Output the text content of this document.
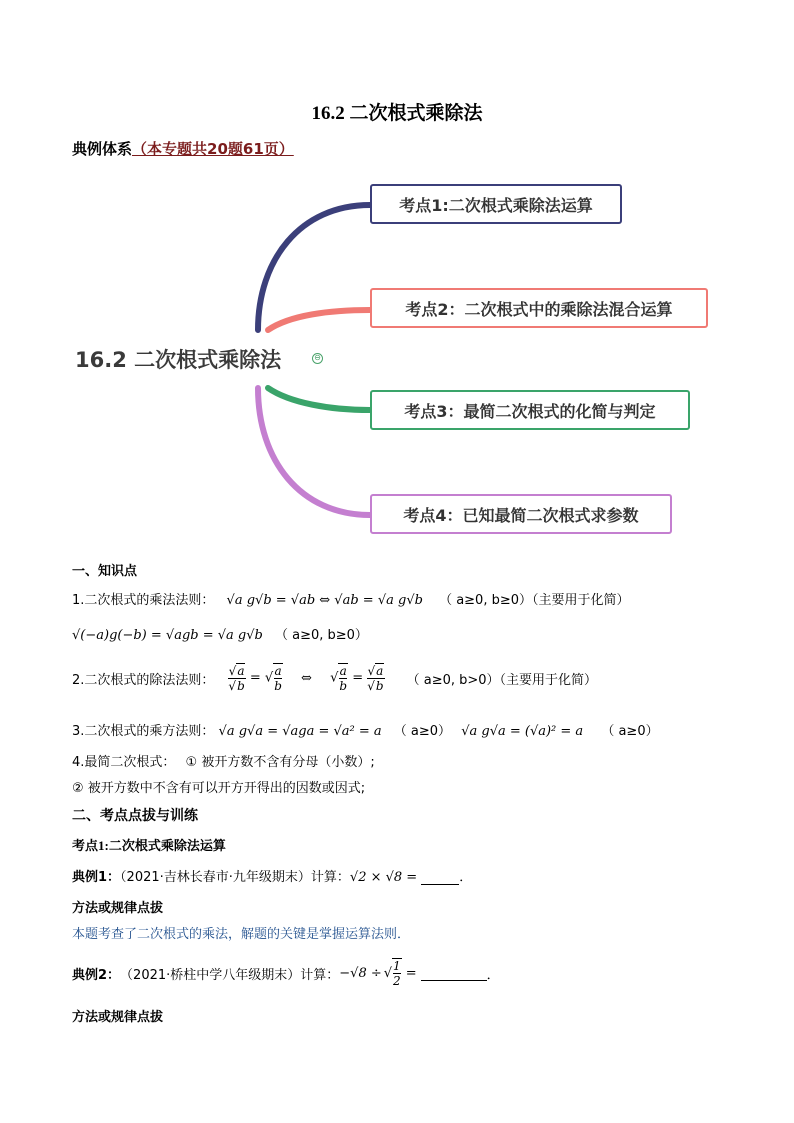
16.2 二次根式乘除法
典例体系（本专题共20题61页）
考点1:二次根式乘除法运算
考点2：二次根式中的乘除法混合运算
考点3：最简二次根式的化简与判定
考点4：已知最简二次根式求参数
16.2 二次根式乘除法	⊖
一、知识点
1.二次根式的乘法法则： √a g√b = √ab ⇔ √ab = √a g√b （ a≥0, b≥0）（主要用于化简）
√(−a)g(−b) = √agb = √a g√b （ a≥0, b≥0）
2.二次根式的除法法则： $\frac{√a}{√b}$ = √ $\frac{a}{b}$ ⇔ √ $\frac{a}{b} = \frac{√a}{√b}$ （ a≥0, b>0）（主要用于化简）
3.二次根式的乘方法则： √a g√a = √aga = √a² = a （ a≥0） √a g√a = (√a)² = a （ a≥0）
4.最简二次根式： ① 被开方数不含有分母（小数）;
② 被开方数中不含有可以开方开得出的因数或因式;
二、考点点拔与训练
考点1:二次根式乘除法运算
典例1：（2021·吉林长春市·九年级期末）计算：√2 × √8 =	．
方法或规律点拔
本题考查了二次根式的乘法，解题的关键是掌握运算法则．
典例2： （2021·桥柱中学八年级期末）计算： −√8 ÷ √ $\frac{1}{2}$ =	．
方法或规律点拔
